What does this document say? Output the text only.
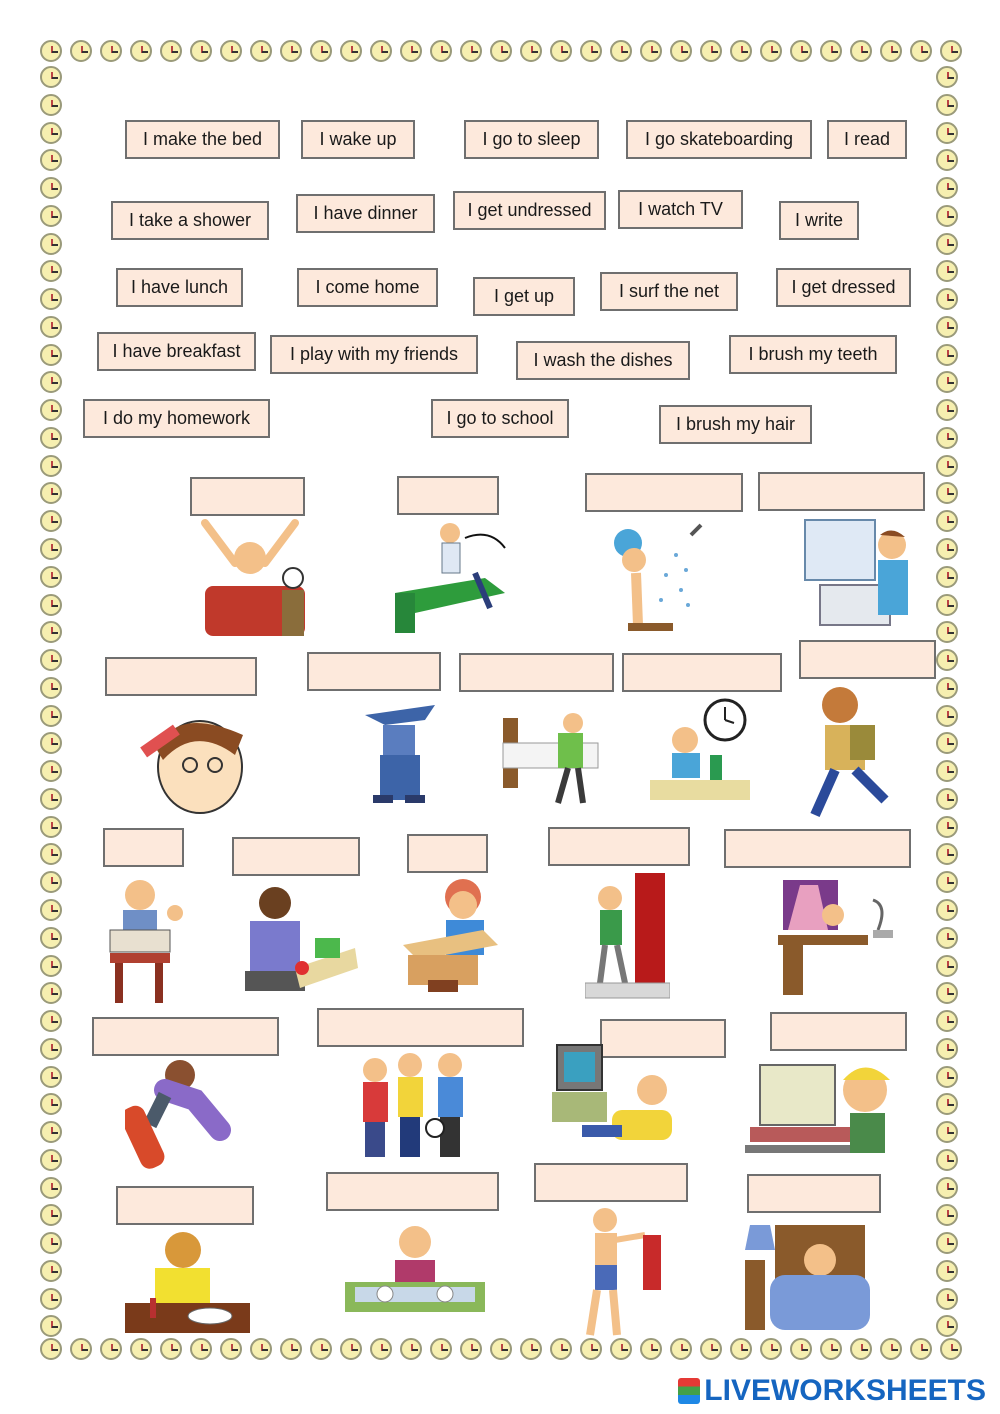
I make the bed	I wake up	I go to sleep	I go skateboarding	I read
I take a shower	I have dinner	I get undressed	I watch TV
I write
I have lunch	I come home	I get up	I surf the net	I get dressed
I have breakfast	I play with my friends	I wash the dishes	I brush my teeth
I do my homework	I go to school	I brush my hair
LIVEWORKSHEETS
